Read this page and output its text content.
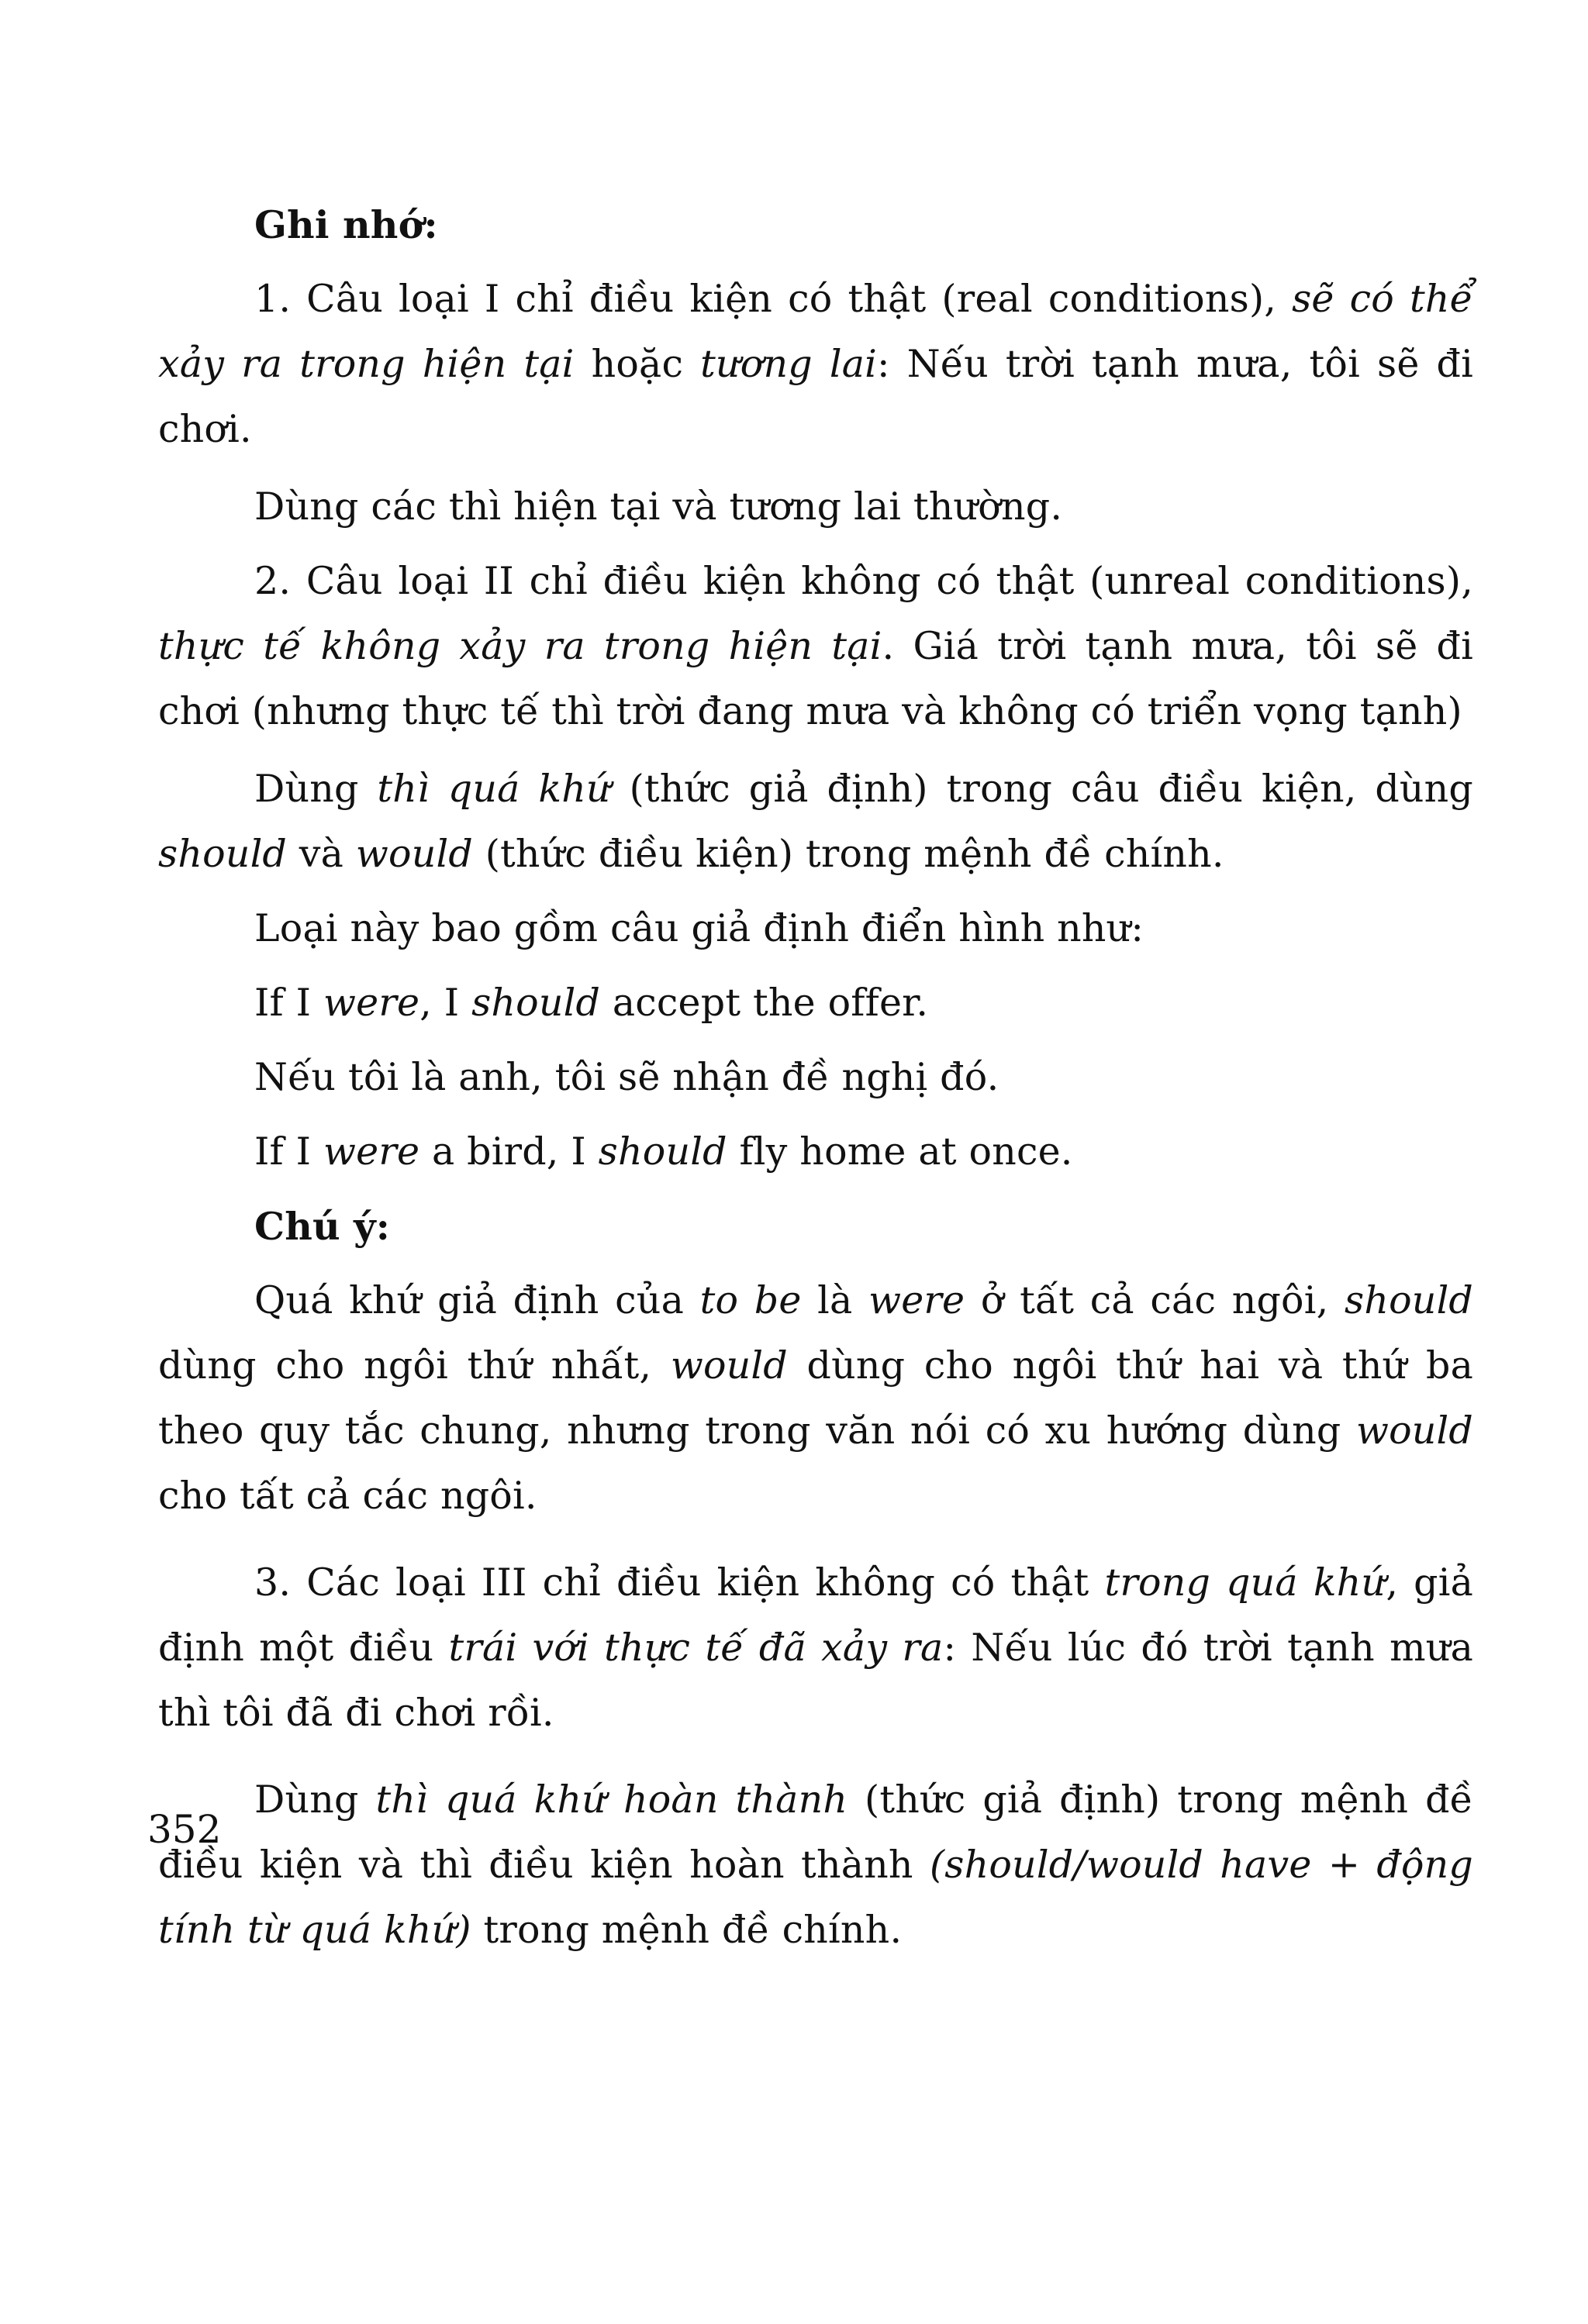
Ghi nhớ:

1. Câu loại I chỉ điều kiện có thật (real conditions), sẽ có thể xảy ra trong hiện tại hoặc tương lai: Nếu trời tạnh mưa, tôi sẽ đi chơi.

Dùng các thì hiện tại và tương lai thường.

2. Câu loại II chỉ điều kiện không có thật (unreal conditions), thực tế không xảy ra trong hiện tại. Giá trời tạnh mưa, tôi sẽ đi chơi (nhưng thực tế thì trời đang mưa và không có triển vọng tạnh)

Dùng thì quá khứ (thức giả định) trong câu điều kiện, dùng should và would (thức điều kiện) trong mệnh đề chính.

Loại này bao gồm câu giả định điển hình như:

If I were, I should accept the offer.

Nếu tôi là anh, tôi sẽ nhận đề nghị đó.

If I were a bird, I should fly home at once.

Chú ý:

Quá khứ giả định của to be là were ở tất cả các ngôi, should dùng cho ngôi thứ nhất, would dùng cho ngôi thứ hai và thứ ba theo quy tắc chung, nhưng trong văn nói có xu hướng dùng would cho tất cả các ngôi.

3. Các loại III chỉ điều kiện không có thật trong quá khứ, giả định một điều trái với thực tế đã xảy ra: Nếu lúc đó trời tạnh mưa thì tôi đã đi chơi rồi.

Dùng thì quá khứ hoàn thành (thức giả định) trong mệnh đề điều kiện và thì điều kiện hoàn thành (should/would have + động tính từ quá khứ) trong mệnh đề chính.

352
